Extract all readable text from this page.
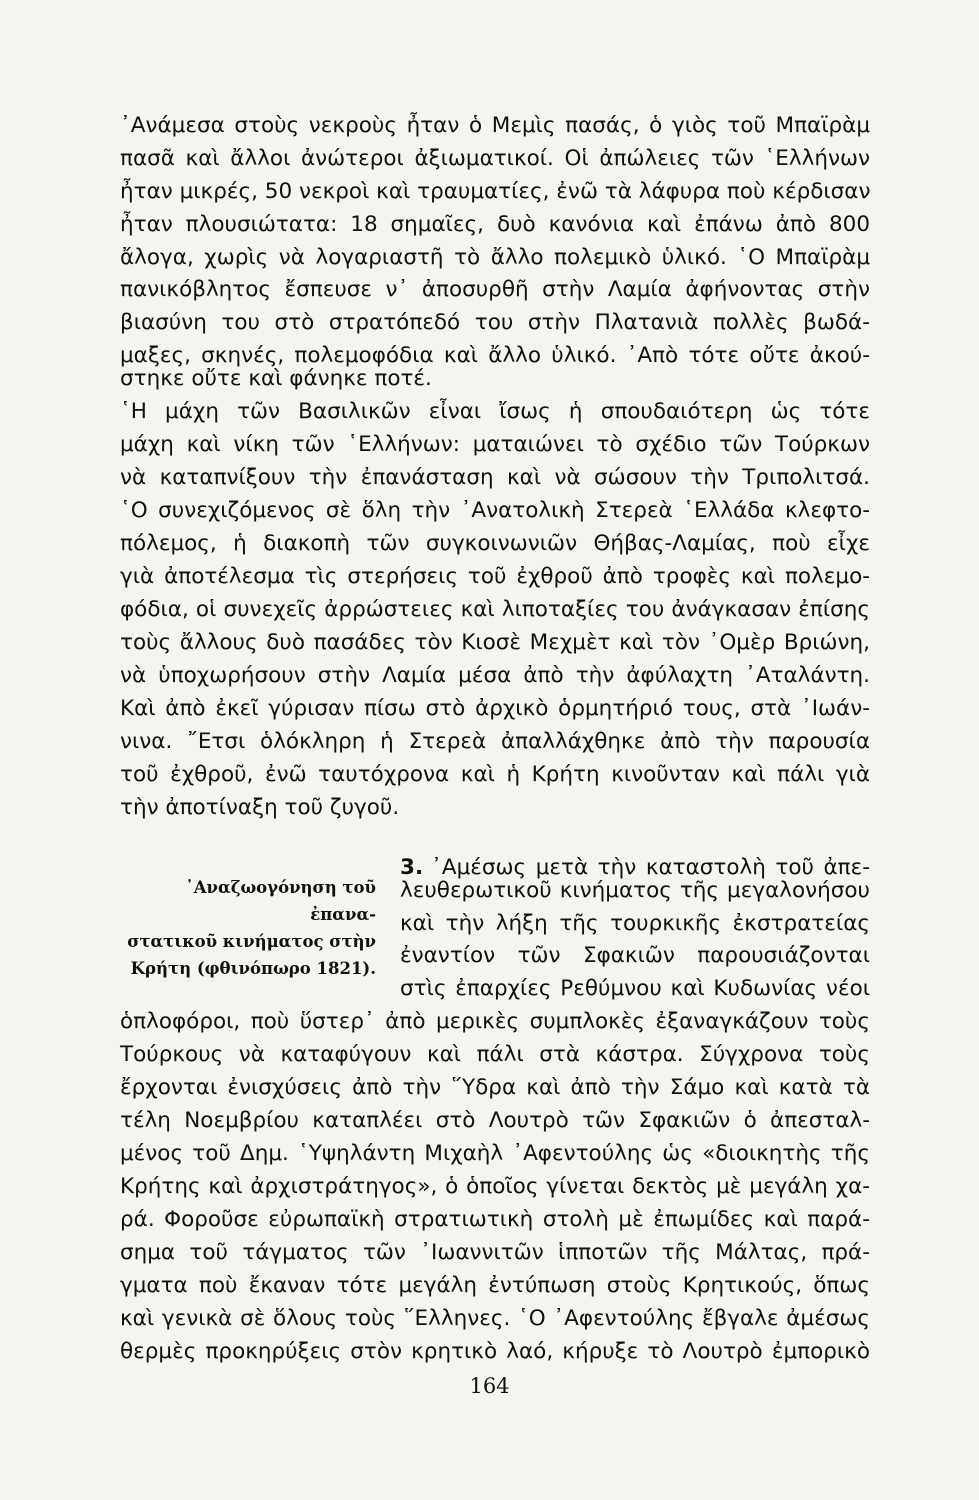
᾿Ανάμεσα στοὺς νεκροὺς ἦταν ὁ Μεμὶς πασάς, ὁ γιὸς τοῦ Μπαϊρὰμ
πασᾶ καὶ ἄλλοι ἀνώτεροι ἀξιωματικοί. Οἱ ἀπώλειες τῶν ῾Ελλήνων
ἦταν μικρές, 50 νεκροὶ καὶ τραυματίες, ἐνῶ τὰ λάφυρα ποὺ κέρδισαν
ἦταν πλουσιώτατα: 18 σημαῖες, δυὸ κανόνια καὶ ἐπάνω ἀπὸ 800
ἄλογα, χωρὶς νὰ λογαριαστῆ τὸ ἄλλο πολεμικὸ ὑλικό. ῾Ο Μπαϊρὰμ
πανικόβλητος ἔσπευσε ν᾿ ἀποσυρθῆ στὴν Λαμία ἀφήνοντας στὴν
βιασύνη του στὸ στρατόπεδό του στὴν Πλατανιὰ πολλὲς βωδά-
μαξες, σκηνές, πολεμοφόδια καὶ ἄλλο ὑλικό. ᾿Απὸ τότε οὔτε ἀκού-
στηκε οὔτε καὶ φάνηκε ποτέ.
῾Η μάχη τῶν Βασιλικῶν εἶναι ἴσως ἡ σπουδαιότερη ὡς τότε
μάχη καὶ νίκη τῶν ῾Ελλήνων: ματαιώνει τὸ σχέδιο τῶν Τούρκων
νὰ καταπνίξουν τὴν ἐπανάσταση καὶ νὰ σώσουν τὴν Τριπολιτσά.
῾Ο συνεχιζόμενος σὲ ὅλη τὴν ᾿Ανατολικὴ Στερεὰ ῾Ελλάδα κλεφτο-
πόλεμος, ἡ διακοπὴ τῶν συγκοινωνιῶν Θήβας-Λαμίας, ποὺ εἶχε
γιὰ ἀποτέλεσμα τὶς στερήσεις τοῦ ἐχθροῦ ἀπὸ τροφὲς καὶ πολεμο-
φόδια, οἱ συνεχεῖς ἀρρώστειες καὶ λιποταξίες του ἀνάγκασαν ἐπίσης
τοὺς ἄλλους δυὸ πασάδες τὸν Κιοσὲ Μεχμὲτ καὶ τὸν ᾿Ομὲρ Βριώνη,
νὰ ὑποχωρήσουν στὴν Λαμία μέσα ἀπὸ τὴν ἀφύλαχτη ᾿Αταλάντη.
Καὶ ἀπὸ ἐκεῖ γύρισαν πίσω στὸ ἀρχικὸ ὁρμητήριό τους, στὰ ᾿Ιωάν-
νινα. ῎Ετσι ὁλόκληρη ἡ Στερεὰ ἀπαλλάχθηκε ἀπὸ τὴν παρουσία
τοῦ ἐχθροῦ, ἐνῶ ταυτόχρονα καὶ ἡ Κρήτη κινοῦνταν καὶ πάλι γιὰ
τὴν ἀποτίναξη τοῦ ζυγοῦ.
᾿Αναζωογόνηση τοῦ ἐπανα-
στατικοῦ κινήματος στὴν
Κρήτη (φθινόπωρο 1821).
3. ᾿Αμέσως μετὰ τὴν καταστολὴ τοῦ ἀπε-
λευθερωτικοῦ κινήματος τῆς μεγαλονήσου
καὶ τὴν λήξη τῆς τουρκικῆς ἐκστρατείας
ἐναντίον τῶν Σφακιῶν παρουσιάζονται
στὶς ἐπαρχίες Ρεθύμνου καὶ Κυδωνίας νέοι
ὁπλοφόροι, ποὺ ὕστερ᾿ ἀπὸ μερικὲς συμπλοκὲς ἐξαναγκάζουν τοὺς
Τούρκους νὰ καταφύγουν καὶ πάλι στὰ κάστρα. Σύγχρονα τοὺς
ἔρχονται ἐνισχύσεις ἀπὸ τὴν ῞Υδρα καὶ ἀπὸ τὴν Σάμο καὶ κατὰ τὰ
τέλη Νοεμβρίου καταπλέει στὸ Λουτρὸ τῶν Σφακιῶν ὁ ἀπεσταλ-
μένος τοῦ Δημ. ῾Υψηλάντη Μιχαὴλ ᾿Αφεντούλης ὡς «διοικητὴς τῆς
Κρήτης καὶ ἀρχιστράτηγος», ὁ ὁποῖος γίνεται δεκτὸς μὲ μεγάλη χα-
ρά. Φοροῦσε εὐρωπαϊκὴ στρατιωτικὴ στολὴ μὲ ἐπωμίδες καὶ παρά-
σημα τοῦ τάγματος τῶν ᾿Ιωαννιτῶν ἱπποτῶν τῆς Μάλτας, πρά-
γματα ποὺ ἔκαναν τότε μεγάλη ἐντύπωση στοὺς Κρητικούς, ὅπως
καὶ γενικὰ σὲ ὅλους τοὺς ῞Ελληνες. ῾Ο ᾿Αφεντούλης ἔβγαλε ἀμέσως
θερμὲς προκηρύξεις στὸν κρητικὸ λαό, κήρυξε τὸ Λουτρὸ ἐμπορικὸ
164
